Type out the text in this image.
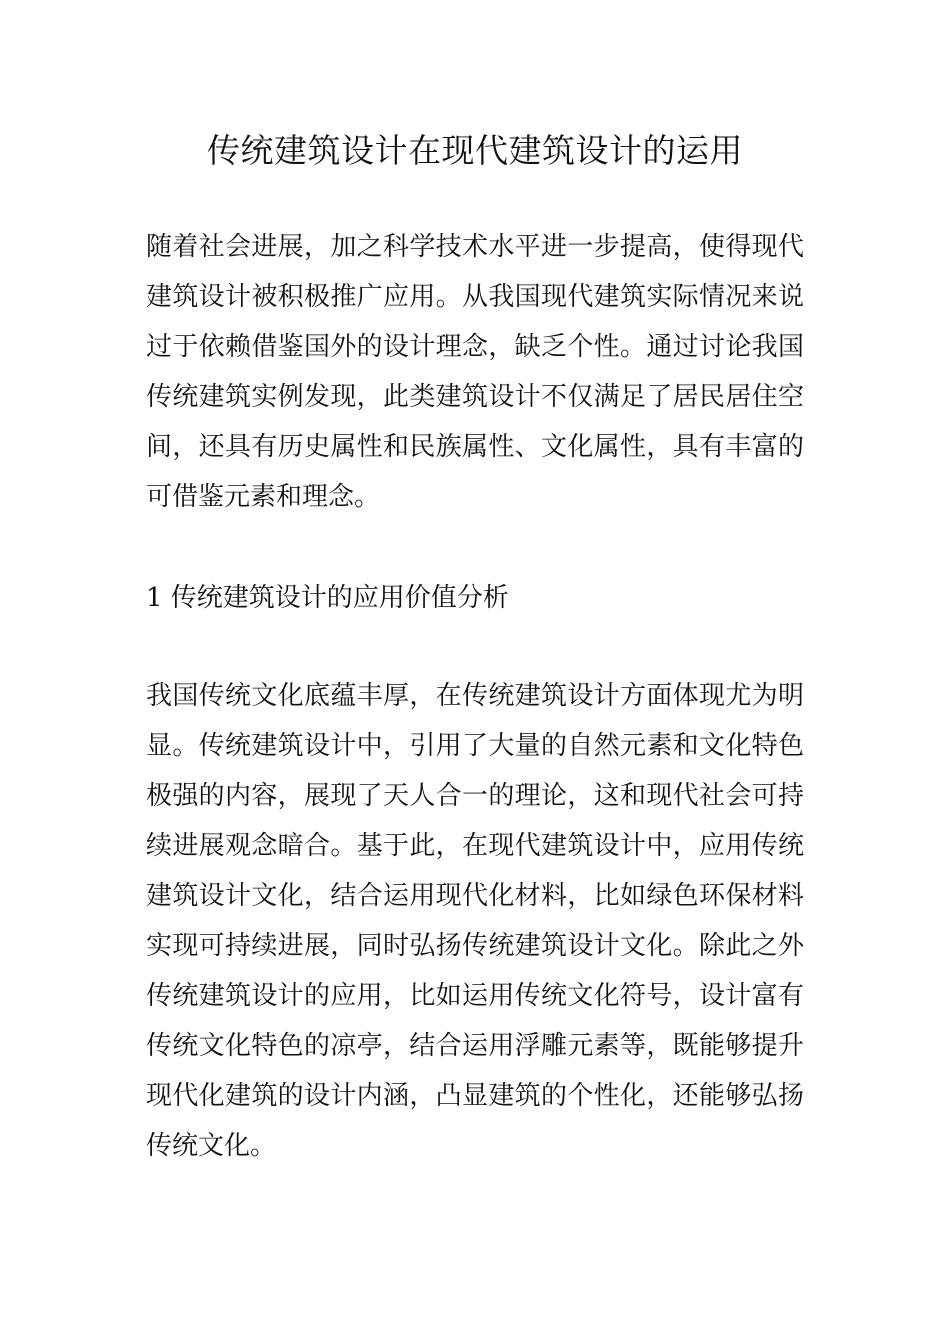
传统建筑设计在现代建筑设计的运用

随着社会进展，加之科学技术水平进一步提高，使得现代建筑设计被积极推广应用。从我国现代建筑实际情况来说过于依赖借鉴国外的设计理念，缺乏个性。通过讨论我国传统建筑实例发现，此类建筑设计不仅满足了居民居住空间，还具有历史属性和民族属性、文化属性，具有丰富的可借鉴元素和理念。

1 传统建筑设计的应用价值分析

我国传统文化底蕴丰厚，在传统建筑设计方面体现尤为明显。传统建筑设计中，引用了大量的自然元素和文化特色极强的内容，展现了天人合一的理论，这和现代社会可持续进展观念暗合。基于此，在现代建筑设计中，应用传统建筑设计文化，结合运用现代化材料，比如绿色环保材料实现可持续进展，同时弘扬传统建筑设计文化。除此之外传统建筑设计的应用，比如运用传统文化符号，设计富有传统文化特色的凉亭，结合运用浮雕元素等，既能够提升现代化建筑的设计内涵，凸显建筑的个性化，还能够弘扬传统文化。
